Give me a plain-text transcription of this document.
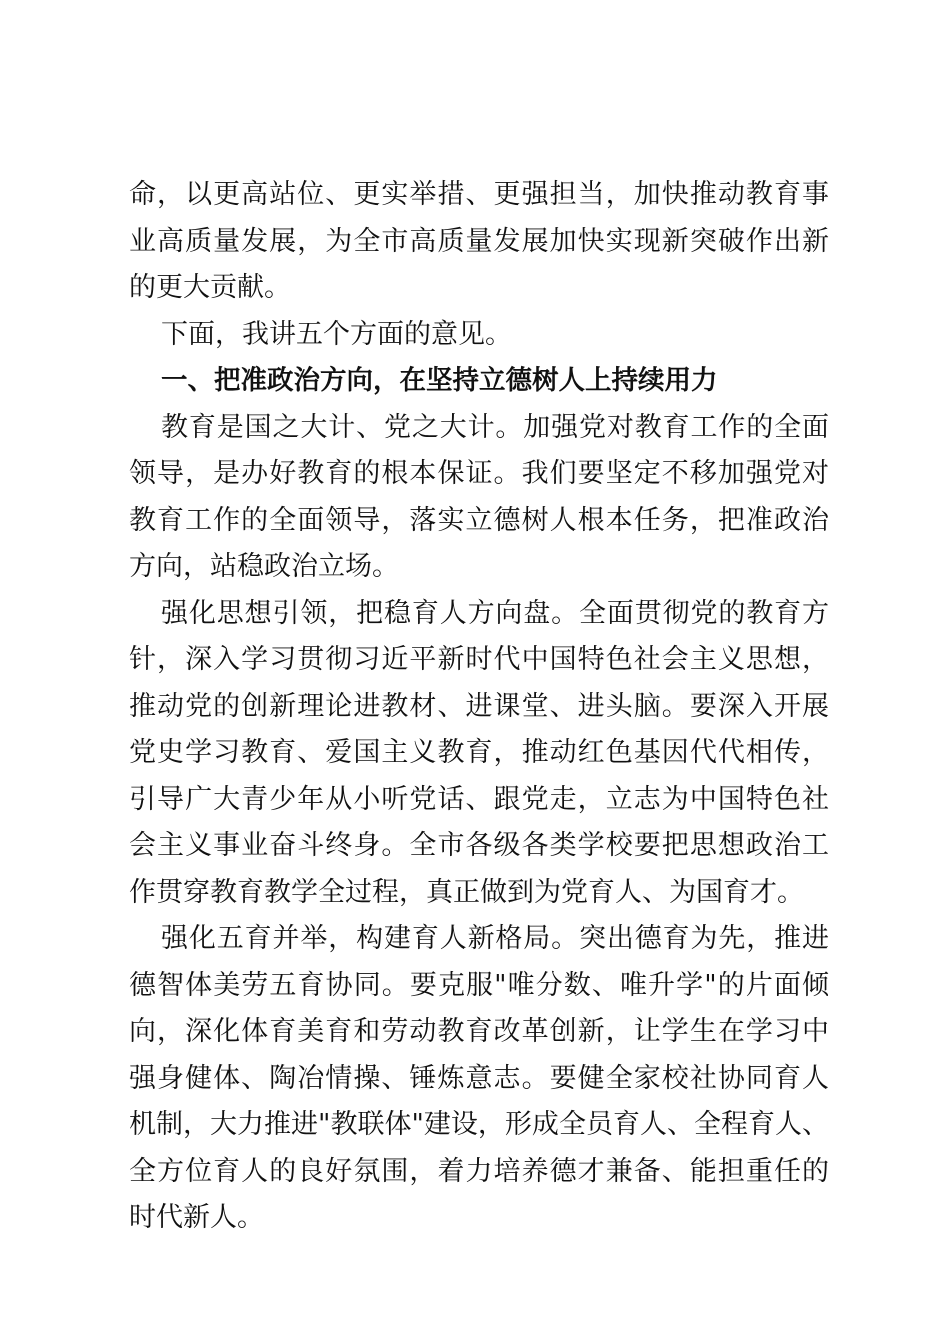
命，以更高站位、更实举措、更强担当，加快推动教育事业高质量发展，为全市高质量发展加快实现新突破作出新的更大贡献。

下面，我讲五个方面的意见。

一、把准政治方向，在坚持立德树人上持续用力

教育是国之大计、党之大计。加强党对教育工作的全面领导，是办好教育的根本保证。我们要坚定不移加强党对教育工作的全面领导，落实立德树人根本任务，把准政治方向，站稳政治立场。

强化思想引领，把稳育人方向盘。全面贯彻党的教育方针，深入学习贯彻习近平新时代中国特色社会主义思想，推动党的创新理论进教材、进课堂、进头脑。要深入开展党史学习教育、爱国主义教育，推动红色基因代代相传，引导广大青少年从小听党话、跟党走，立志为中国特色社会主义事业奋斗终身。全市各级各类学校要把思想政治工作贯穿教育教学全过程，真正做到为党育人、为国育才。

强化五育并举，构建育人新格局。突出德育为先，推进德智体美劳五育协同。要克服"唯分数、唯升学"的片面倾向，深化体育美育和劳动教育改革创新，让学生在学习中强身健体、陶冶情操、锤炼意志。要健全家校社协同育人机制，大力推进"教联体"建设，形成全员育人、全程育人、全方位育人的良好氛围，着力培养德才兼备、能担重任的时代新人。
